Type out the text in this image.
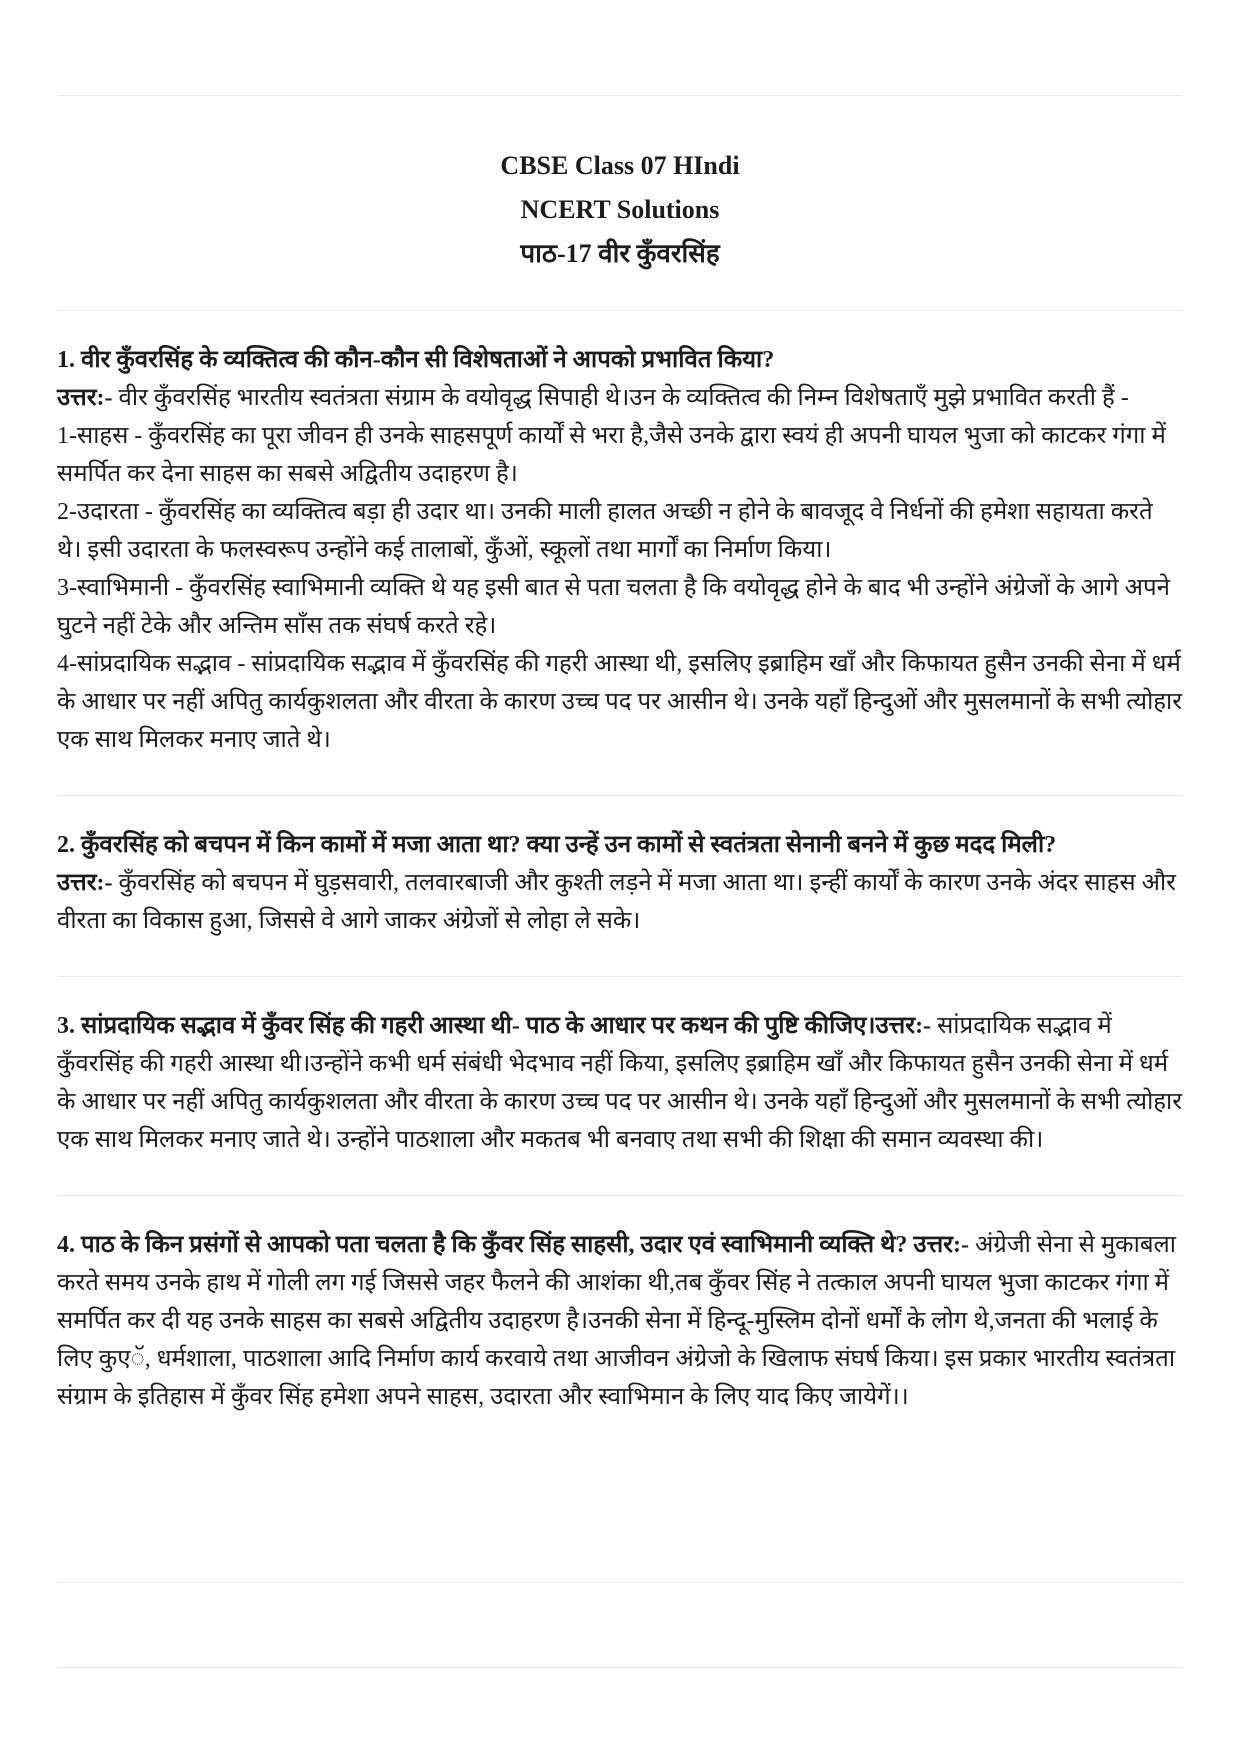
CBSE Class 07 HIndi

NCERT Solutions

पाठ-17 वीर कुँवरसिंह

1. वीर कुँवरसिंह के व्यक्तित्व की कौन-कौन सी विशेषताओं ने आपको प्रभावित किया?

उत्तर:- वीर कुँवरसिंह भारतीय स्वतंत्रता संग्राम के वयोवृद्ध सिपाही थे।उन के व्यक्तित्व की निम्न विशेषताएँ मुझे प्रभावित करती हैं -

1-साहस - कुँवरसिंह का पूरा जीवन ही उनके साहसपूर्ण कार्यों से भरा है,जैसे उनके द्वारा स्वयं ही अपनी घायल भुजा को काटकर गंगा में समर्पित कर देना साहस का सबसे अद्वितीय उदाहरण है।

2-उदारता - कुँवरसिंह का व्यक्तित्व बड़ा ही उदार था। उनकी माली हालत अच्छी न होने के बावजूद वे निर्धनों की हमेशा सहायता करते थे। इसी उदारता के फलस्वरूप उन्होंने कई तालाबों, कुँओं, स्कूलों तथा मार्गों का निर्माण किया।

3-स्वाभिमानी - कुँवरसिंह स्वाभिमानी व्यक्ति थे यह इसी बात से पता चलता है कि वयोवृद्ध होने के बाद भी उन्होंने अंग्रेजों के आगे अपने घुटने नहीं टेके और अन्तिम साँस तक संघर्ष करते रहे।

4-सांप्रदायिक सद्भाव - सांप्रदायिक सद्भाव में कुँवरसिंह की गहरी आस्था थी, इसलिए इब्राहिम खाँ और किफायत हुसैन उनकी सेना में धर्म के आधार पर नहीं अपितु कार्यकुशलता और वीरता के कारण उच्च पद पर आसीन थे। उनके यहाँ हिन्दुओं और मुसलमानों के सभी त्योहार एक साथ मिलकर मनाए जाते थे।

2. कुँवरसिंह को बचपन में किन कामों में मजा आता था? क्या उन्हें उन कामों से स्वतंत्रता सेनानी बनने में कुछ मदद मिली?

उत्तर:- कुँवरसिंह को बचपन में घुड़सवारी, तलवारबाजी और कुश्ती लड़ने में मजा आता था। इन्हीं कार्यों के कारण उनके अंदर साहस और वीरता का विकास हुआ, जिससे वे आगे जाकर अंग्रेजों से लोहा ले सके।

3. सांप्रदायिक सद्भाव में कुँवर सिंह की गहरी आस्था थी- पाठ के आधार पर कथन की पुष्टि कीजिए।उत्तर:- सांप्रदायिक सद्भाव में कुँवरसिंह की गहरी आस्था थी।उन्होंने कभी धर्म संबंधी भेदभाव नहीं किया, इसलिए इब्राहिम खाँ और किफायत हुसैन उनकी सेना में धर्म के आधार पर नहीं अपितु कार्यकुशलता और वीरता के कारण उच्च पद पर आसीन थे। उनके यहाँ हिन्दुओं और मुसलमानों के सभी त्योहार एक साथ मिलकर मनाए जाते थे। उन्होंने पाठशाला और मकतब भी बनवाए तथा सभी की शिक्षा की समान व्यवस्था की।

4. पाठ के किन प्रसंगों से आपको पता चलता है कि कुँवर सिंह साहसी, उदार एवं स्वाभिमानी व्यक्ति थे? उत्तर:- अंग्रेजी सेना से मुकाबला करते समय उनके हाथ में गोली लग गई जिससे जहर फैलने की आशंका थी,तब कुँवर सिंह ने तत्काल अपनी घायल भुजा काटकर गंगा में समर्पित कर दी यह उनके साहस का सबसे अद्वितीय उदाहरण है।उनकी सेना में हिन्दू-मुस्लिम दोनों धर्मों के लोग थे,जनता की भलाई के लिए कुएॅ, धर्मशाला, पाठशाला आदि निर्माण कार्य करवाये तथा आजीवन अंग्रेजो के खिलाफ संघर्ष किया। इस प्रकार भारतीय स्वतंत्रता संग्राम के इतिहास में कुँवर सिंह हमेशा अपने साहस, उदारता और स्वाभिमान के लिए याद किए जायेगें।।
